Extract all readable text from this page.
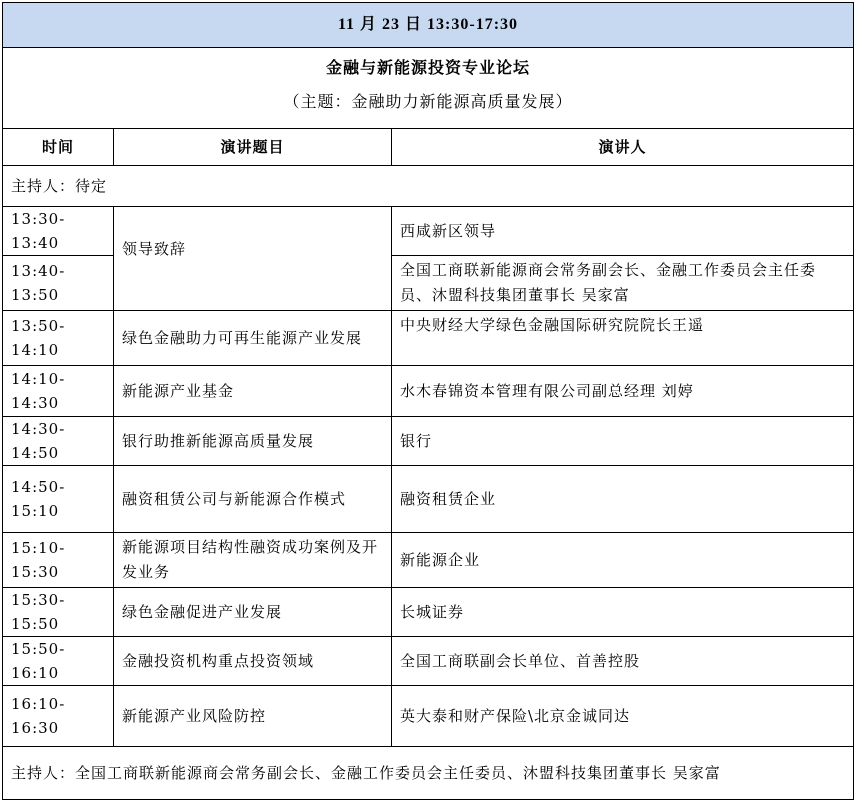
11 月 23 日 13:30-17:30		

金融与新能源投资专业论坛
（主题：金融助力新能源高质量发展）		

时间	演讲题目	演讲人
主持人：待定		
13:30-13:40	领导致辞	西咸新区领导
13:40-13:50		全国工商联新能源商会常务副会长、金融工作委员会主任委员、沐盟科技集团董事长 吴家富
13:50-14:10	绿色金融助力可再生能源产业发展	中央财经大学绿色金融国际研究院院长王遥
14:10-14:30	新能源产业基金	水木春锦资本管理有限公司副总经理 刘婷
14:30-14:50	银行助推新能源高质量发展	银行
14:50-15:10	融资租赁公司与新能源合作模式	融资租赁企业
15:10-15:30	新能源项目结构性融资成功案例及开发业务	新能源企业
15:30-15:50	绿色金融促进产业发展	长城证券
15:50-16:10	金融投资机构重点投资领域	全国工商联副会长单位、首善控股
16:10-16:30	新能源产业风险防控	英大泰和财产保险\北京金诚同达
主持人：全国工商联新能源商会常务副会长、金融工作委员会主任委员、沐盟科技集团董事长 吴家富		
